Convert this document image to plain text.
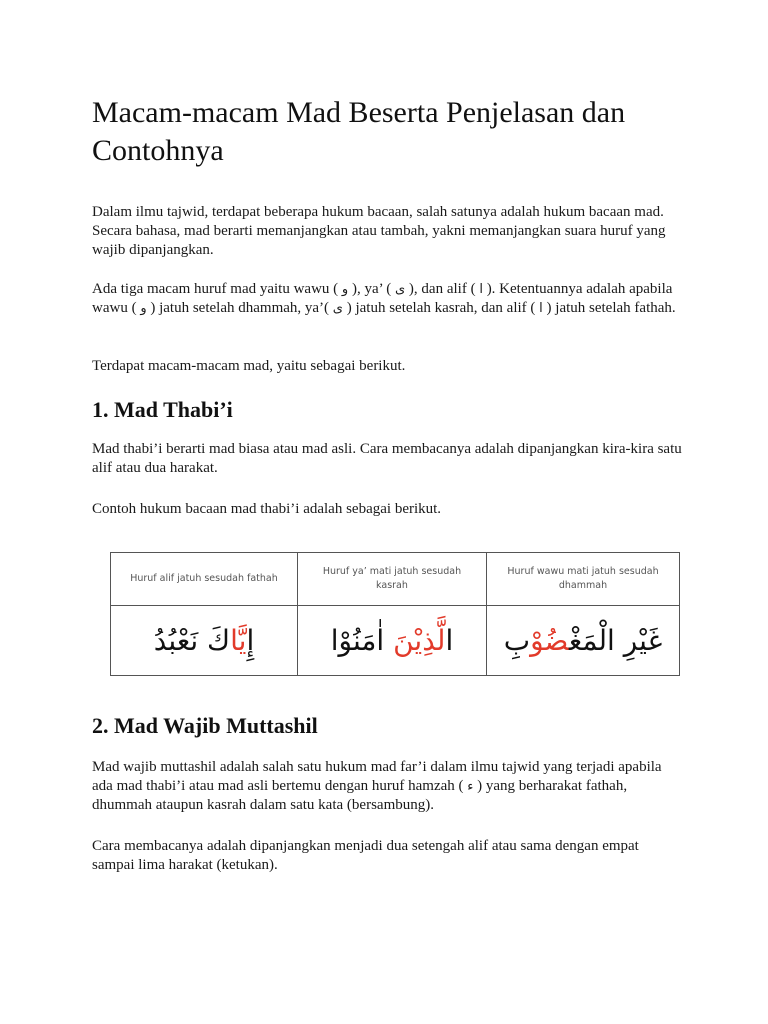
Macam-macam Mad Beserta Penjelasan dan Contohnya

Dalam ilmu tajwid, terdapat beberapa hukum bacaan, salah satunya adalah hukum bacaan mad. Secara bahasa, mad berarti memanjangkan atau tambah, yakni memanjangkan suara huruf yang wajib dipanjangkan.

Ada tiga macam huruf mad yaitu wawu ( و ), ya’ ( ى ), dan alif ( ا ). Ketentuannya adalah apabila wawu ( و ) jatuh setelah dhammah, ya’( ى ) jatuh setelah kasrah, dan alif ( ا ) jatuh setelah fathah.

Terdapat macam-macam mad, yaitu sebagai berikut.

1. Mad Thabi’i

Mad thabi’i berarti mad biasa atau mad asli. Cara membacanya adalah dipanjangkan kira-kira satu alif atau dua harakat.

Contoh hukum bacaan mad thabi’i adalah sebagai berikut.

Huruf alif jatuh sesudah fathah	Huruf ya’ mati jatuh sesudah kasrah	Huruf wawu mati jatuh sesudah dhammah
إِيَّاكَ نَعْبُدُ	الَّذِيْنَ اٰمَنُوْا	غَيْرِ الْمَغْضُوْبِ
2. Mad Wajib Muttashil

Mad wajib muttashil adalah salah satu hukum mad far’i dalam ilmu tajwid yang terjadi apabila ada mad thabi’i atau mad asli bertemu dengan huruf hamzah ( ء ) yang berharakat fathah, dhummah ataupun kasrah dalam satu kata (bersambung).

Cara membacanya adalah dipanjangkan menjadi dua setengah alif atau sama dengan empat sampai lima harakat (ketukan).
